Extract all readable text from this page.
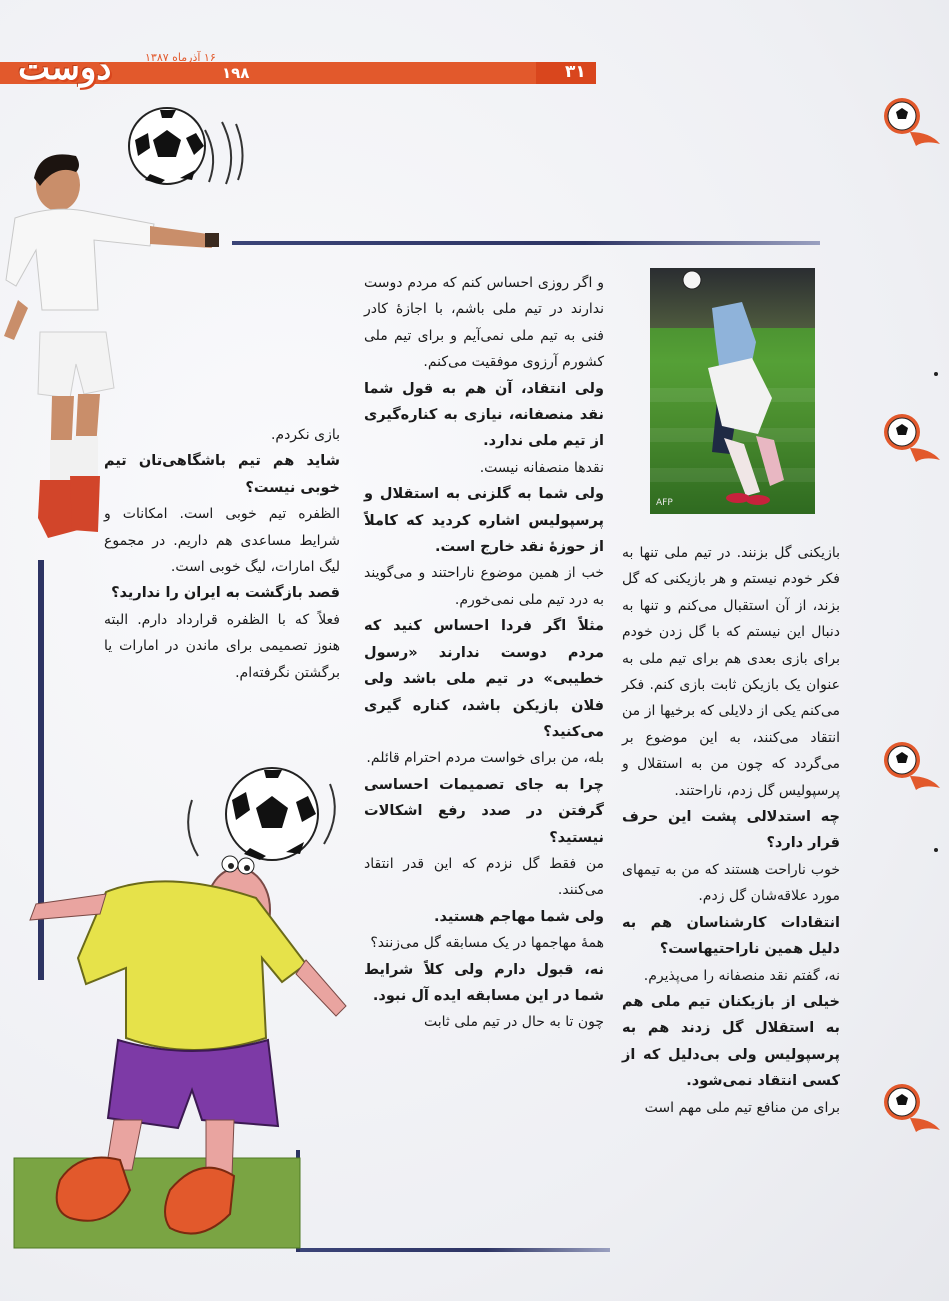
دوست	۱۶ آذرماه ۱۳۸۷
۱۹۸	۳۱
AFP

بازیکنی گل بزنند. در تیم ملی تنها به فکر خودم نیستم و هر بازیکنی که گل بزند، از آن استقبال می‌کنم و تنها به دنبال این نیستم که با گل زدن خودم برای بازی بعدی هم برای تیم ملی به عنوان یک بازیکن ثابت بازی کنم. فکر می‌کنم یکی از دلایلی که برخیها از من انتقاد می‌کنند، به این موضوع بر می‌گردد که چون من به استقلال و پرسپولیس گل زدم، ناراحتند.

چه استدلالی پشت این حرف قرار دارد؟

خوب ناراحت هستند که من به تیمهای مورد علاقه‌شان گل زدم.

انتقادات کارشناسان هم به دلیل همین ناراحتیهاست؟

نه، گفتم نقد منصفانه را می‌پذیرم.

خیلی از بازیکنان تیم ملی هم به استقلال گل زدند هم به پرسپولیس ولی بی‌دلیل که از کسی انتقاد نمی‌شود.

برای من منافع تیم ملی مهم است

و اگر روزی احساس کنم که مردم دوست ندارند در تیم ملی باشم، با اجازهٔ کادر فنی به تیم ملی نمی‌آیم و برای تیم ملی کشورم آرزوی موفقیت می‌کنم.

ولی انتقاد، آن هم به قول شما نقد منصفانه، نیازی به کناره‌گیری از تیم ملی ندارد.

نقدها منصفانه نیست.

ولی شما به گلزنی به استقلال و پرسپولیس اشاره کردید که کاملاً از حوزهٔ نقد خارج است.

خب از همین موضوع ناراحتند و می‌گویند به درد تیم ملی نمی‌خورم.

مثلاً اگر فردا احساس کنید که مردم دوست ندارند «رسول خطیبی» در تیم ملی باشد ولی فلان بازیکن باشد، کناره گیری می‌کنید؟

بله، من برای خواست مردم احترام قائلم.

چرا به جای تصمیمات احساسی گرفتن در صدد رفع اشکالات نیستید؟

من فقط گل نزدم که این قدر انتقاد می‌کنند.

ولی شما مهاجم هستید.

همهٔ مهاجمها در یک مسابقه گل می‌زنند؟

نه، قبول دارم ولی کلاً شرایط شما در این مسابقه ایده آل نبود.

چون تا به حال در تیم ملی ثابت

بازی نکردم.

شاید هم تیم باشگاهی‌تان تیم خوبی نیست؟

الظفره تیم خوبی است. امکانات و شرایط مساعدی هم داریم. در مجموع لیگ امارات، لیگ خوبی است.

قصد بازگشت به ایران را ندارید؟

فعلاً که با الظفره قرارداد دارم. البته هنوز تصمیمی برای ماندن در امارات یا برگشتن نگرفته‌ام.
